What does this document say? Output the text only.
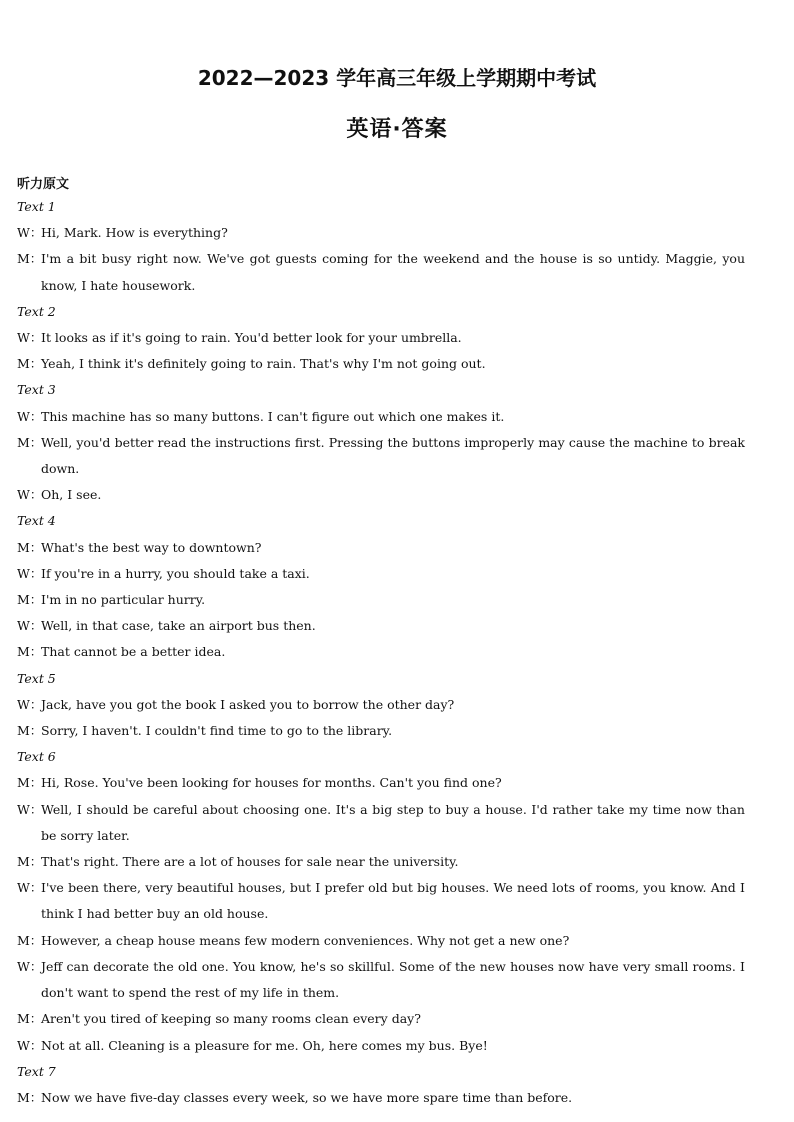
2022—2023 学年高三年级上学期期中考试
英语·答案
听力原文
Text 1
W：Hi, Mark. How is everything?
M：I'm a bit busy right now. We've got guests coming for the weekend and the house is so untidy. Maggie, you know, I hate housework.
Text 2
W：It looks as if it's going to rain. You'd better look for your umbrella.
M：Yeah, I think it's definitely going to rain. That's why I'm not going out.
Text 3
W：This machine has so many buttons. I can't figure out which one makes it.
M：Well, you'd better read the instructions first. Pressing the buttons improperly may cause the machine to break down.
W：Oh, I see.
Text 4
M：What's the best way to downtown?
W：If you're in a hurry, you should take a taxi.
M：I'm in no particular hurry.
W：Well, in that case, take an airport bus then.
M：That cannot be a better idea.
Text 5
W：Jack, have you got the book I asked you to borrow the other day?
M：Sorry, I haven't. I couldn't find time to go to the library.
Text 6
M：Hi, Rose. You've been looking for houses for months. Can't you find one?
W：Well, I should be careful about choosing one. It's a big step to buy a house. I'd rather take my time now than be sorry later.
M：That's right. There are a lot of houses for sale near the university.
W：I've been there, very beautiful houses, but I prefer old but big houses. We need lots of rooms, you know. And I think I had better buy an old house.
M：However, a cheap house means few modern conveniences. Why not get a new one?
W：Jeff can decorate the old one. You know, he's so skillful. Some of the new houses now have very small rooms. I don't want to spend the rest of my life in them.
M：Aren't you tired of keeping so many rooms clean every day?
W：Not at all. Cleaning is a pleasure for me. Oh, here comes my bus. Bye!
Text 7
M：Now we have five-day classes every week, so we have more spare time than before.
